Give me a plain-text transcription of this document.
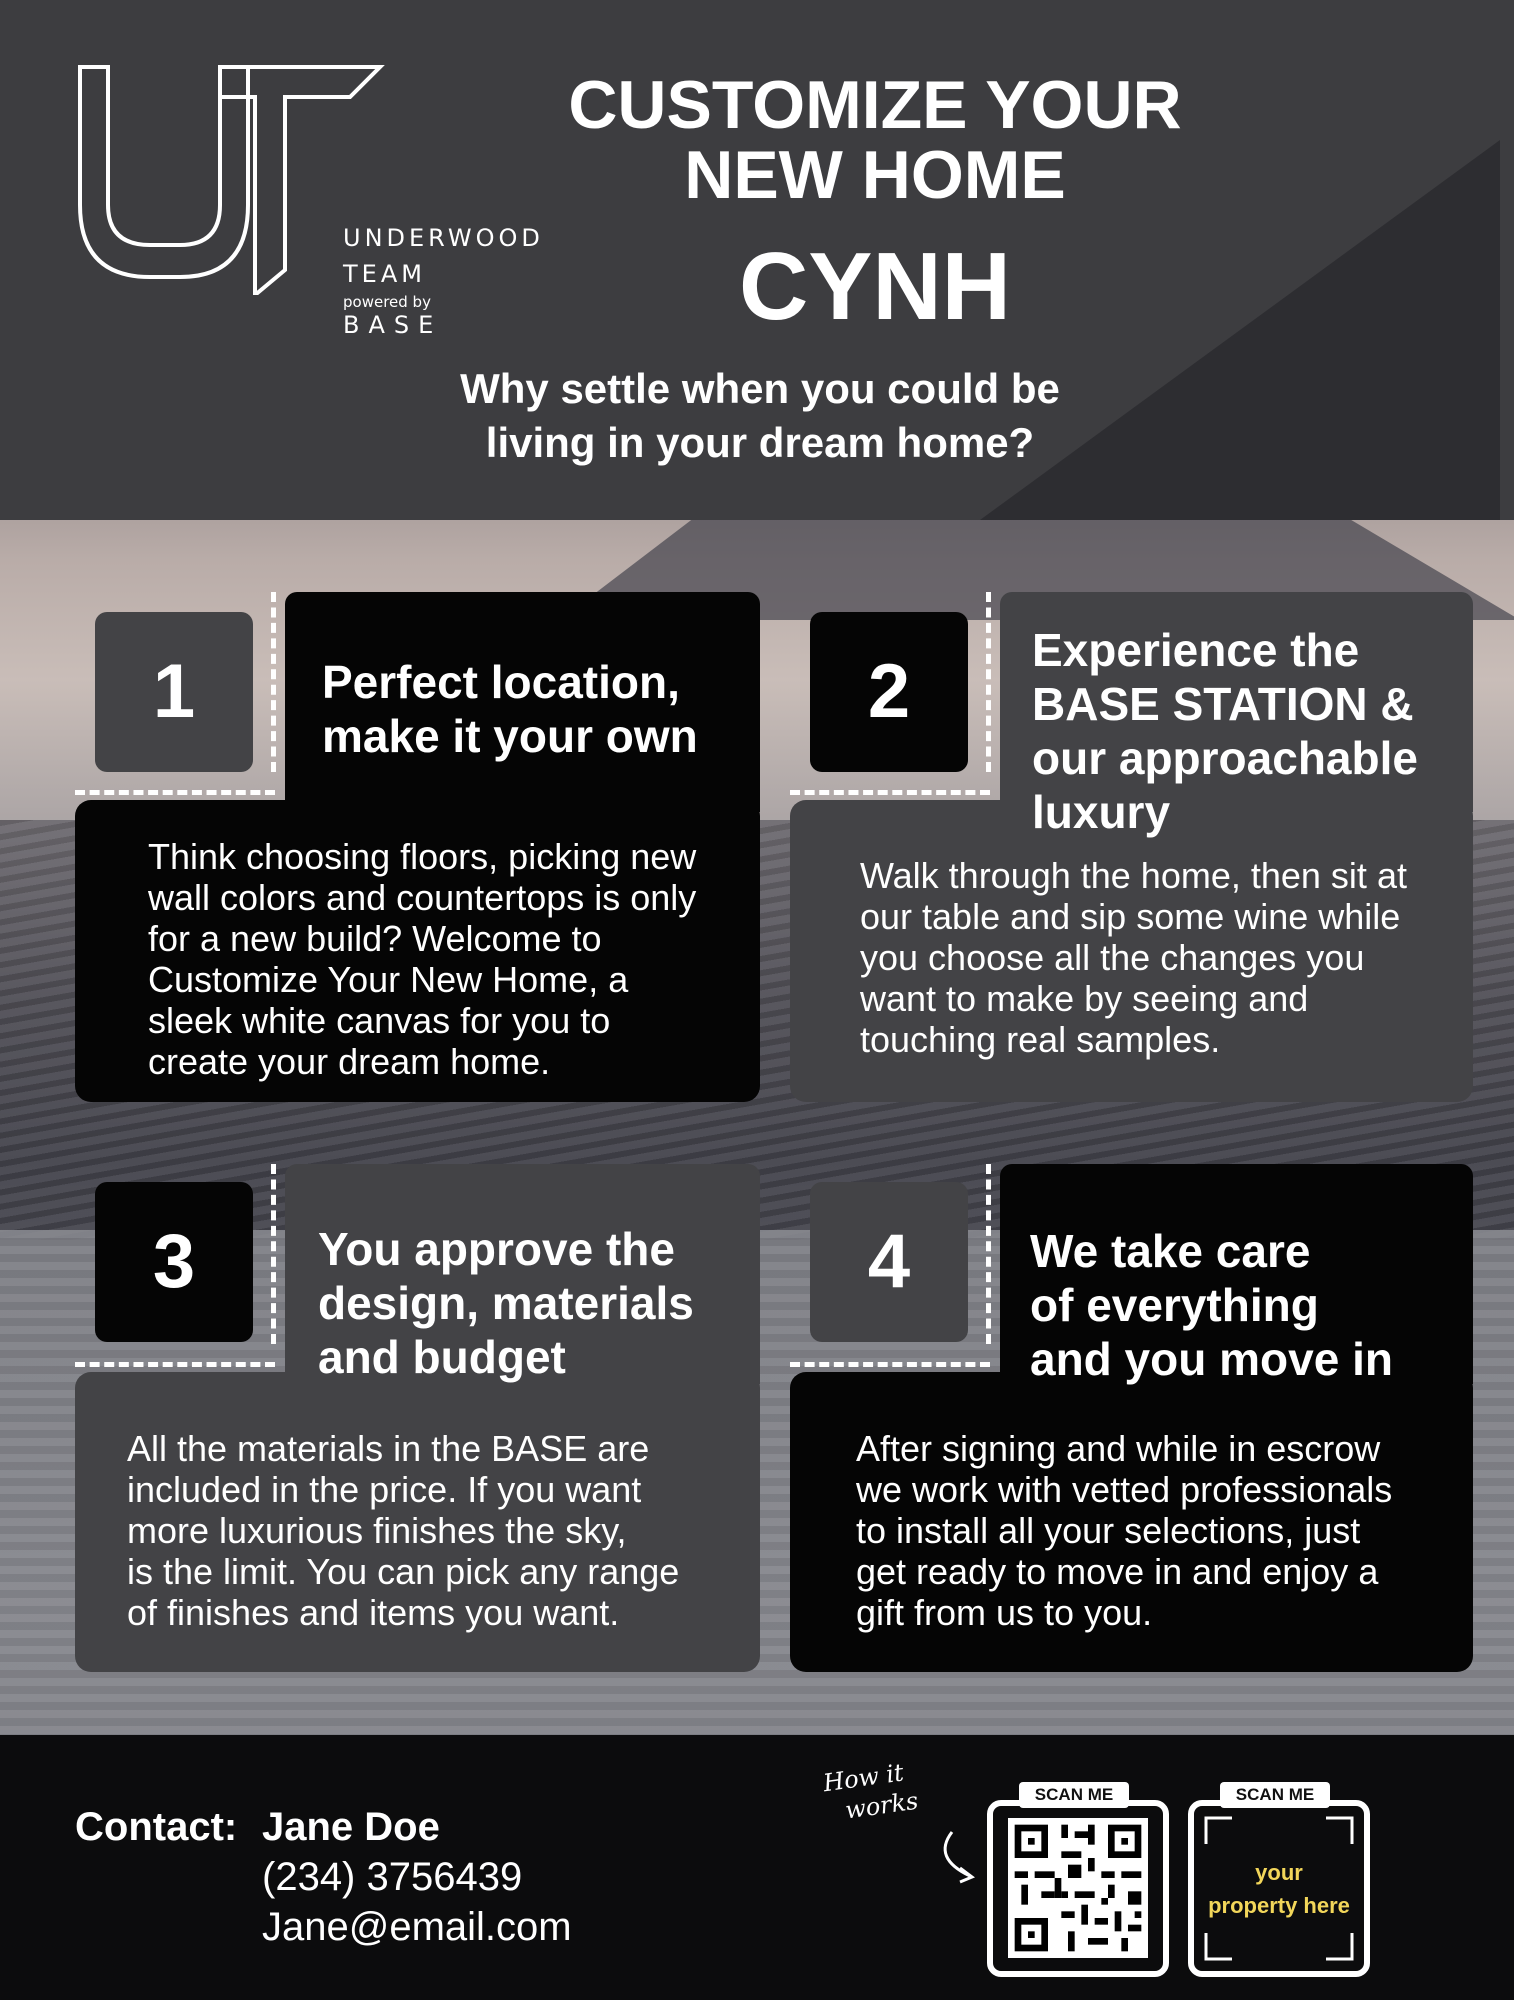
UNDERWOOD
TEAM
powered by
BASE
CUSTOMIZE YOUR
NEW HOME
CYNH
Why settle when you could be
living in your dream home?
1	Perfect location,
make it your own
Think choosing floors, picking new
wall colors and countertops is only
for a new build? Welcome to
Customize Your New Home, a
sleek white canvas for you to
create your dream home.
2	Experience the
BASE STATION &
our approachable
luxury
Walk through the home, then sit at
our table and sip some wine while
you choose all the changes you
want to make by seeing and
touching real samples.
3	You approve the
design, materials
and budget
All the materials in the BASE are
included in the price. If you want
more luxurious finishes the sky,
is the limit. You can pick any range
of finishes and items you want.
4	We take care
of everything
and you move in
After signing and while in escrow
we work with vetted professionals
to install all your selections, just
get ready to move in and enjoy a
gift from us to you.
Contact: Jane Doe
(234) 3756439
Jane@email.com
How it
works	SCAN ME
your
property here
SCAN ME
